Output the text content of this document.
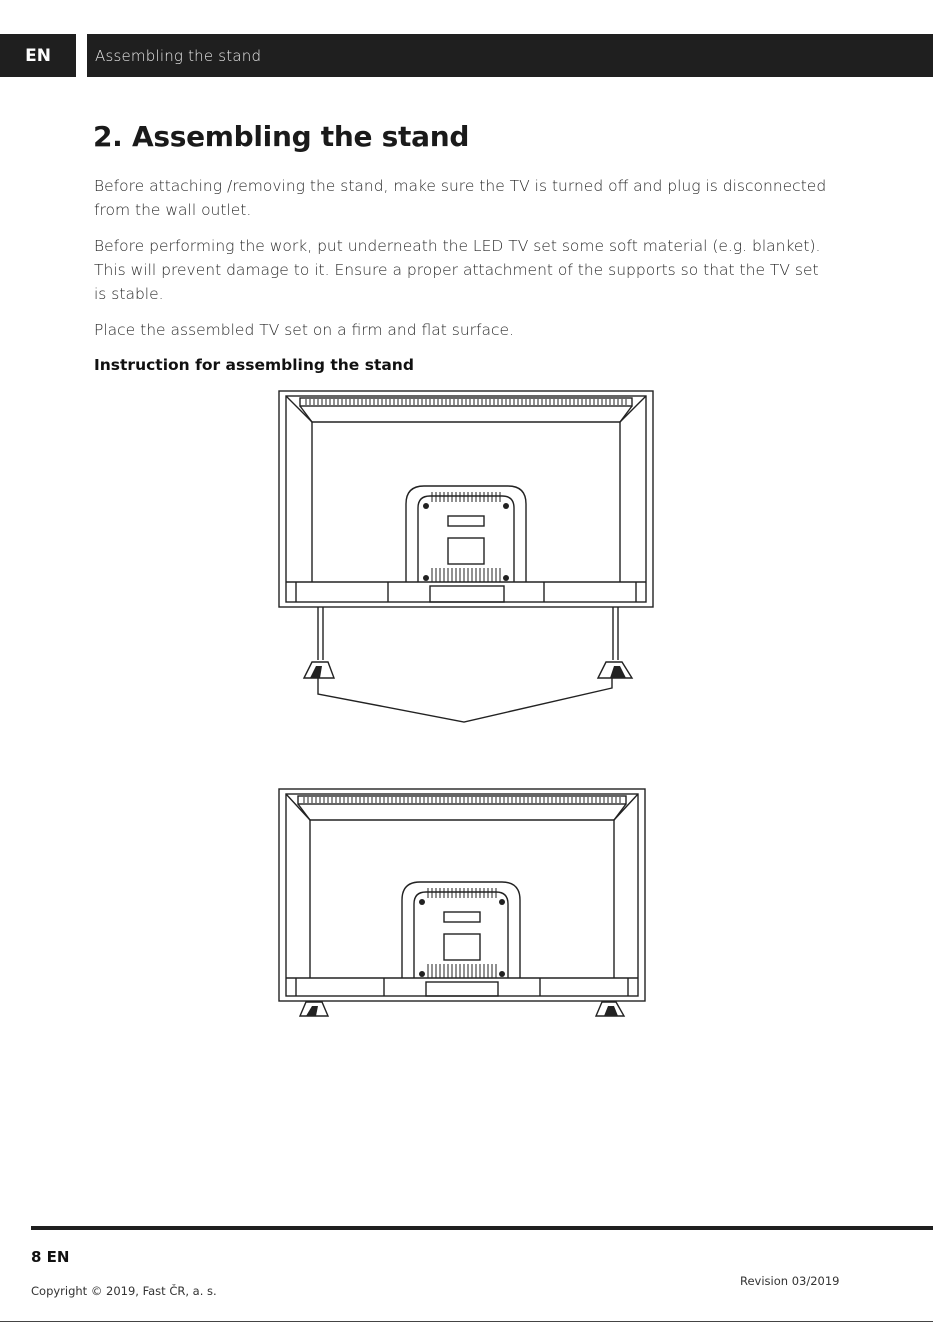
EN	Assembling the stand
2. Assembling the stand

Before attaching /removing the stand, make sure the TV is turned off and plug is disconnected from the wall outlet.

Before performing the work, put underneath the LED TV set some soft material (e.g. blanket). This will prevent damage to it. Ensure a proper attachment of the supports so that the TV set is stable.

Place the assembled TV set on a firm and flat surface.

Instruction for assembling the stand
8 EN
Copyright © 2019, Fast ČR, a. s.
Revision 03/2019
